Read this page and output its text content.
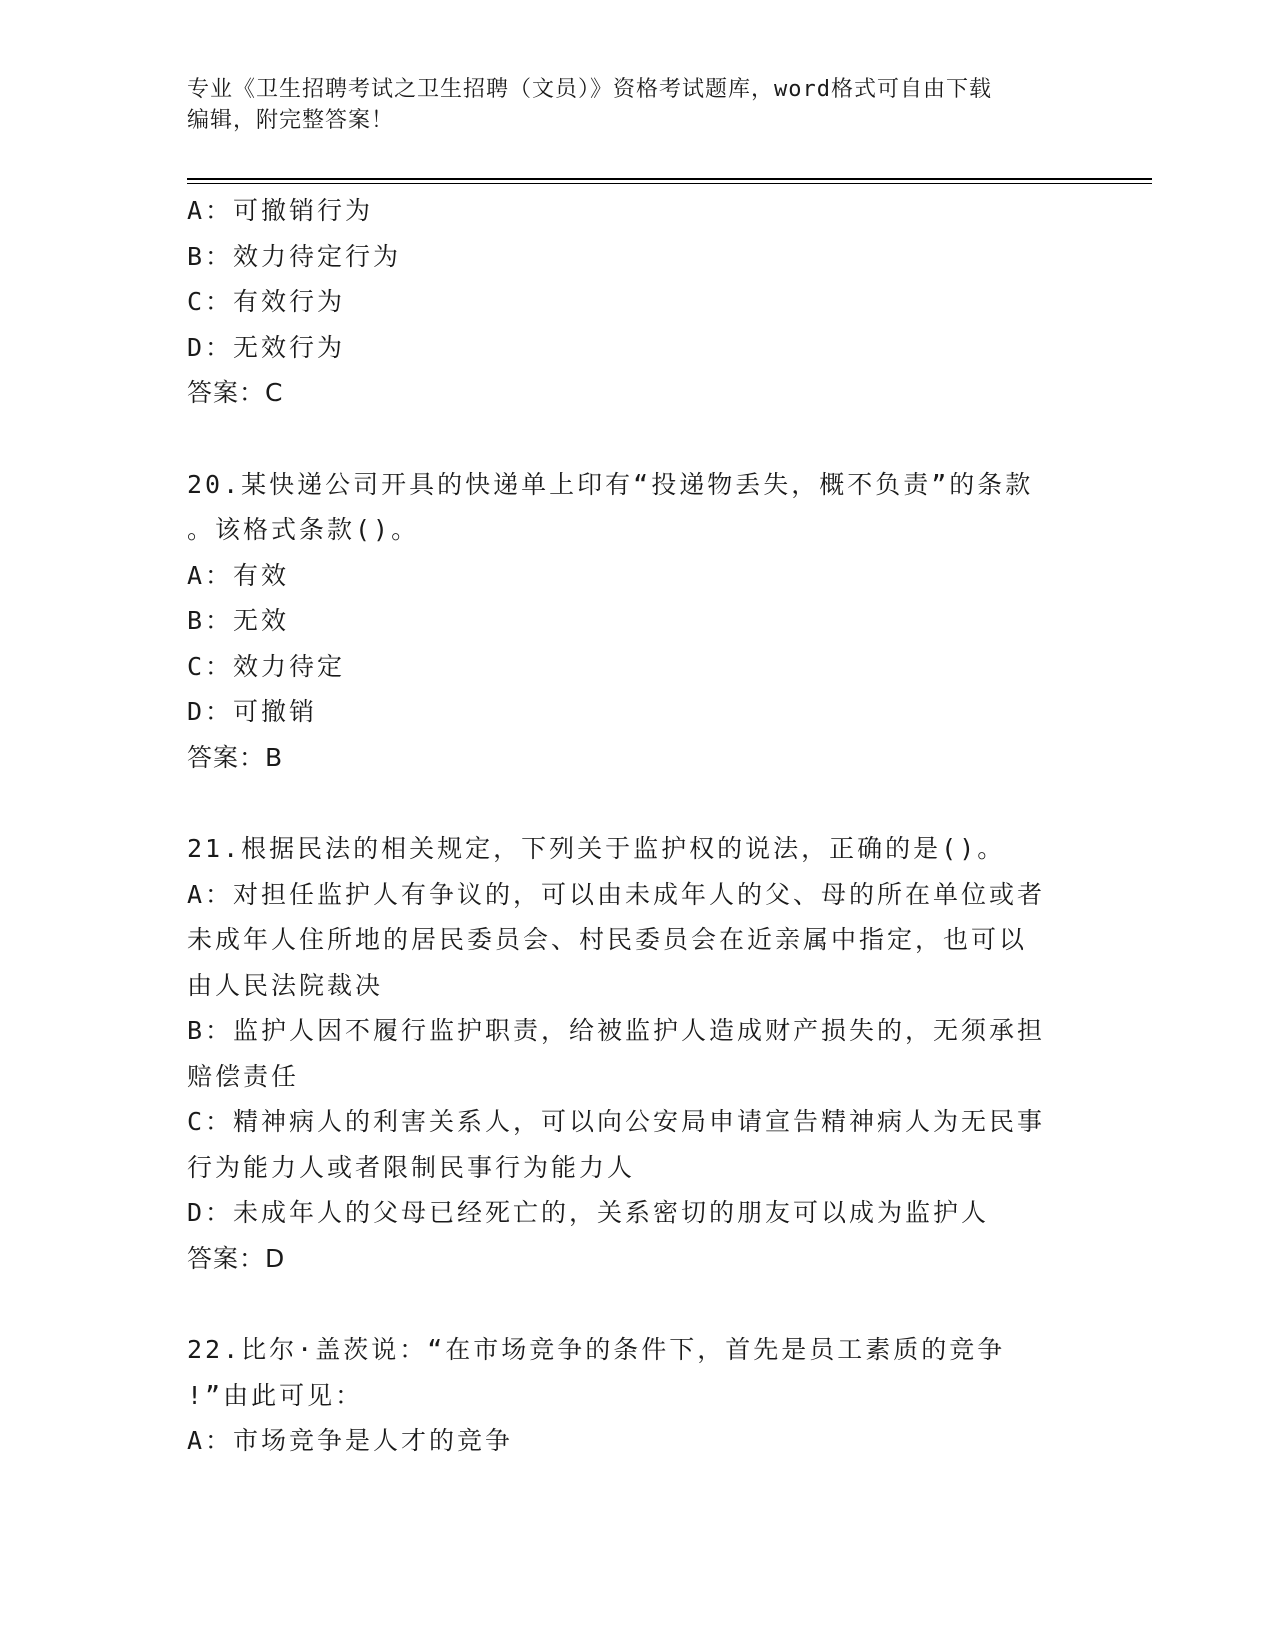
专业《卫生招聘考试之卫生招聘（文员）》资格考试题库，word格式可自由下载
编辑，附完整答案！
A：可撤销行为
B：效力待定行为
C：有效行为
D：无效行为
答案：C
20.某快递公司开具的快递单上印有“投递物丢失，概不负责”的条款
。该格式条款()。
A：有效
B：无效
C：效力待定
D：可撤销
答案：B
21.根据民法的相关规定，下列关于监护权的说法，正确的是()。
A：对担任监护人有争议的，可以由未成年人的父、母的所在单位或者
未成年人住所地的居民委员会、村民委员会在近亲属中指定，也可以
由人民法院裁决
B：监护人因不履行监护职责，给被监护人造成财产损失的，无须承担
赔偿责任
C：精神病人的利害关系人，可以向公安局申请宣告精神病人为无民事
行为能力人或者限制民事行为能力人
D：未成年人的父母已经死亡的，关系密切的朋友可以成为监护人
答案：D
22.比尔·盖茨说：“在市场竞争的条件下，首先是员工素质的竞争
!”由此可见：
A：市场竞争是人才的竞争
